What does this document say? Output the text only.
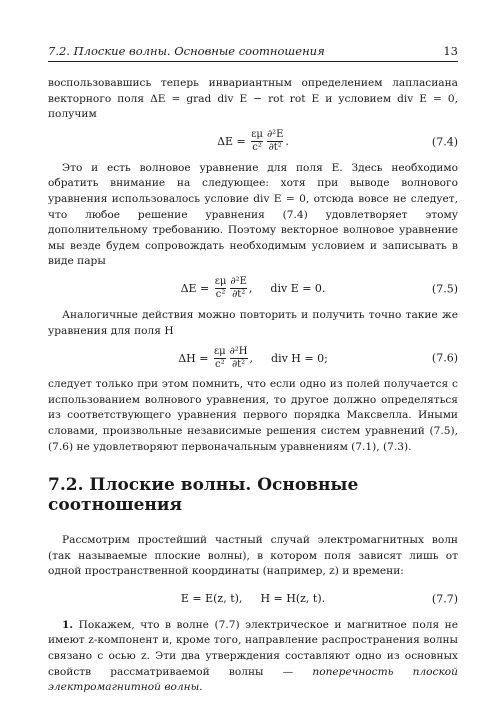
7.2. Плоские волны. Основные соотношения	13

воспользовавшись теперь инвариантным определением лапласиана векторного поля ΔE = grad div E − rot rot E и условием div E = 0, получим

ΔE =
$\frac{\varepsilon\mu}{\text{c²}} \frac{\text{∂²E}}{\text{∂t²}}$ .	(7.4)

Это и есть волновое уравнение для поля E. Здесь необходимо обратить внимание на следующее: хотя при выводе волнового уравнения использовалось условие div E = 0, отсюда вовсе не следует, что любое решение уравнения (7.4) удовлетворяет этому дополнительному требованию. Поэтому векторное волновое уравнение мы везде будем сопровождать необходимым условием и записывать в виде пары

ΔE =
$\frac{\varepsilon\mu}{\text{c²}} \frac{\text{∂²E}}{\text{∂t²}}$ , div E = 0.	(7.5)

Аналогичные действия можно повторить и получить точно такие же уравнения для поля H

ΔH =
$\frac{\varepsilon\mu}{\text{c²}} \frac{\text{∂²H}}{\text{∂t²}}$ , div H = 0;	(7.6)

следует только при этом помнить, что если одно из полей получается с использованием волнового уравнения, то другое должно определяться из соответствующего уравнения первого порядка Максвелла. Иными словами, произвольные независимые решения систем уравнений (7.5), (7.6) не удовлетворяют первоначальным уравнениям (7.1), (7.3).

7.2. Плоские волны. Основные соотношения

Рассмотрим простейший частный случай электромагнитных волн (так называемые плоские волны), в котором поля зависят лишь от одной пространственной координаты (например, z) и времени:

E = E(z, t), H = H(z, t).	(7.7)

1. Покажем, что в волне (7.7) электрическое и магнитное поля не имеют z-компонент и, кроме того, направление распространения волны связано с осью z. Эти два утверждения составляют одно из основных свойств рассматриваемой волны — поперечность плоской электромагнитной волны.
